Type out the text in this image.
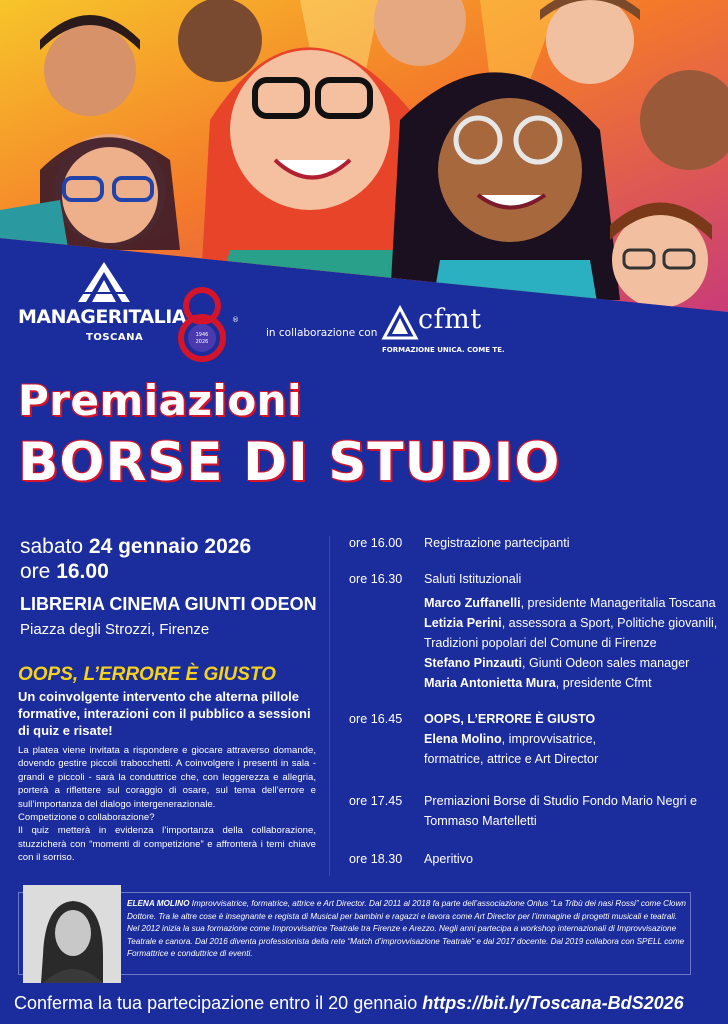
MANAGERITALIA
TOSCANA	1946
2026
®
in collaborazione con cfmt
FORMAZIONE UNICA. COME TE.
Premiazioni
BORSE DI STUDIO
sabato 24 gennaio 2026
ore 16.00
LIBRERIA CINEMA GIUNTI ODEON
Piazza degli Strozzi, Firenze
OOPS, L’ERRORE È GIUSTO
Un coinvolgente intervento che alterna pillole formative, interazioni con il pubblico a sessioni di quiz e risate!

La platea viene invitata a rispondere e giocare attraverso domande, dovendo gestire piccoli trabocchetti. A coinvolgere i presenti in sala - grandi e piccoli - sarà la conduttrice che, con leggerezza e allegria, porterà a riflettere sul coraggio di osare, sul tema dell’errore e sull’importanza del dialogo intergenerazionale.

Competizione o collaborazione?

Il quiz metterà in evidenza l’importanza della collaborazione, stuzzicherà con “momenti di competizione” e affronterà i temi chiave con il sorriso.

ore 16.00	Registrazione partecipanti
ore 16.30	Saluti Istituzionali
Marco Zuffanelli, presidente Manageritalia Toscana
Letizia Perini, assessora a Sport, Politiche giovanili,
Tradizioni popolari del Comune di Firenze
Stefano Pinzauti, Giunti Odeon sales manager
Maria Antonietta Mura, presidente Cfmt
ore 16.45	OOPS, L’ERRORE È GIUSTO
Elena Molino, improvvisatrice,
formatrice, attrice e Art Director
ore 17.45	Premiazioni Borse di Studio Fondo Mario Negri e
Tommaso Martelletti
ore 18.30	Aperitivo
ELENA MOLINO Improvvisatrice, formatrice, attrice e Art Director. Dal 2011 al 2018 fa parte dell’associazione Onlus “La Tribù dei nasi Rossi” come Clown Dottore. Tra le altre cose è insegnante e regista di Musical per bambini e ragazzi e lavora come Art Director per l’immagine di progetti musicali e teatrali. Nel 2012 inizia la sua formazione come Improvvisatrice Teatrale tra Firenze e Arezzo. Negli anni partecipa a workshop internazionali di Improvvisazione Teatrale e canora. Dal 2016 diventa professionista della rete “Match d’improvvisazione Teatrale” e dal 2017 docente. Dal 2019 collabora con SPELL come Formattrice e conduttrice di eventi.
Conferma la tua partecipazione entro il 20 gennaio https://bit.ly/Toscana-BdS2026
